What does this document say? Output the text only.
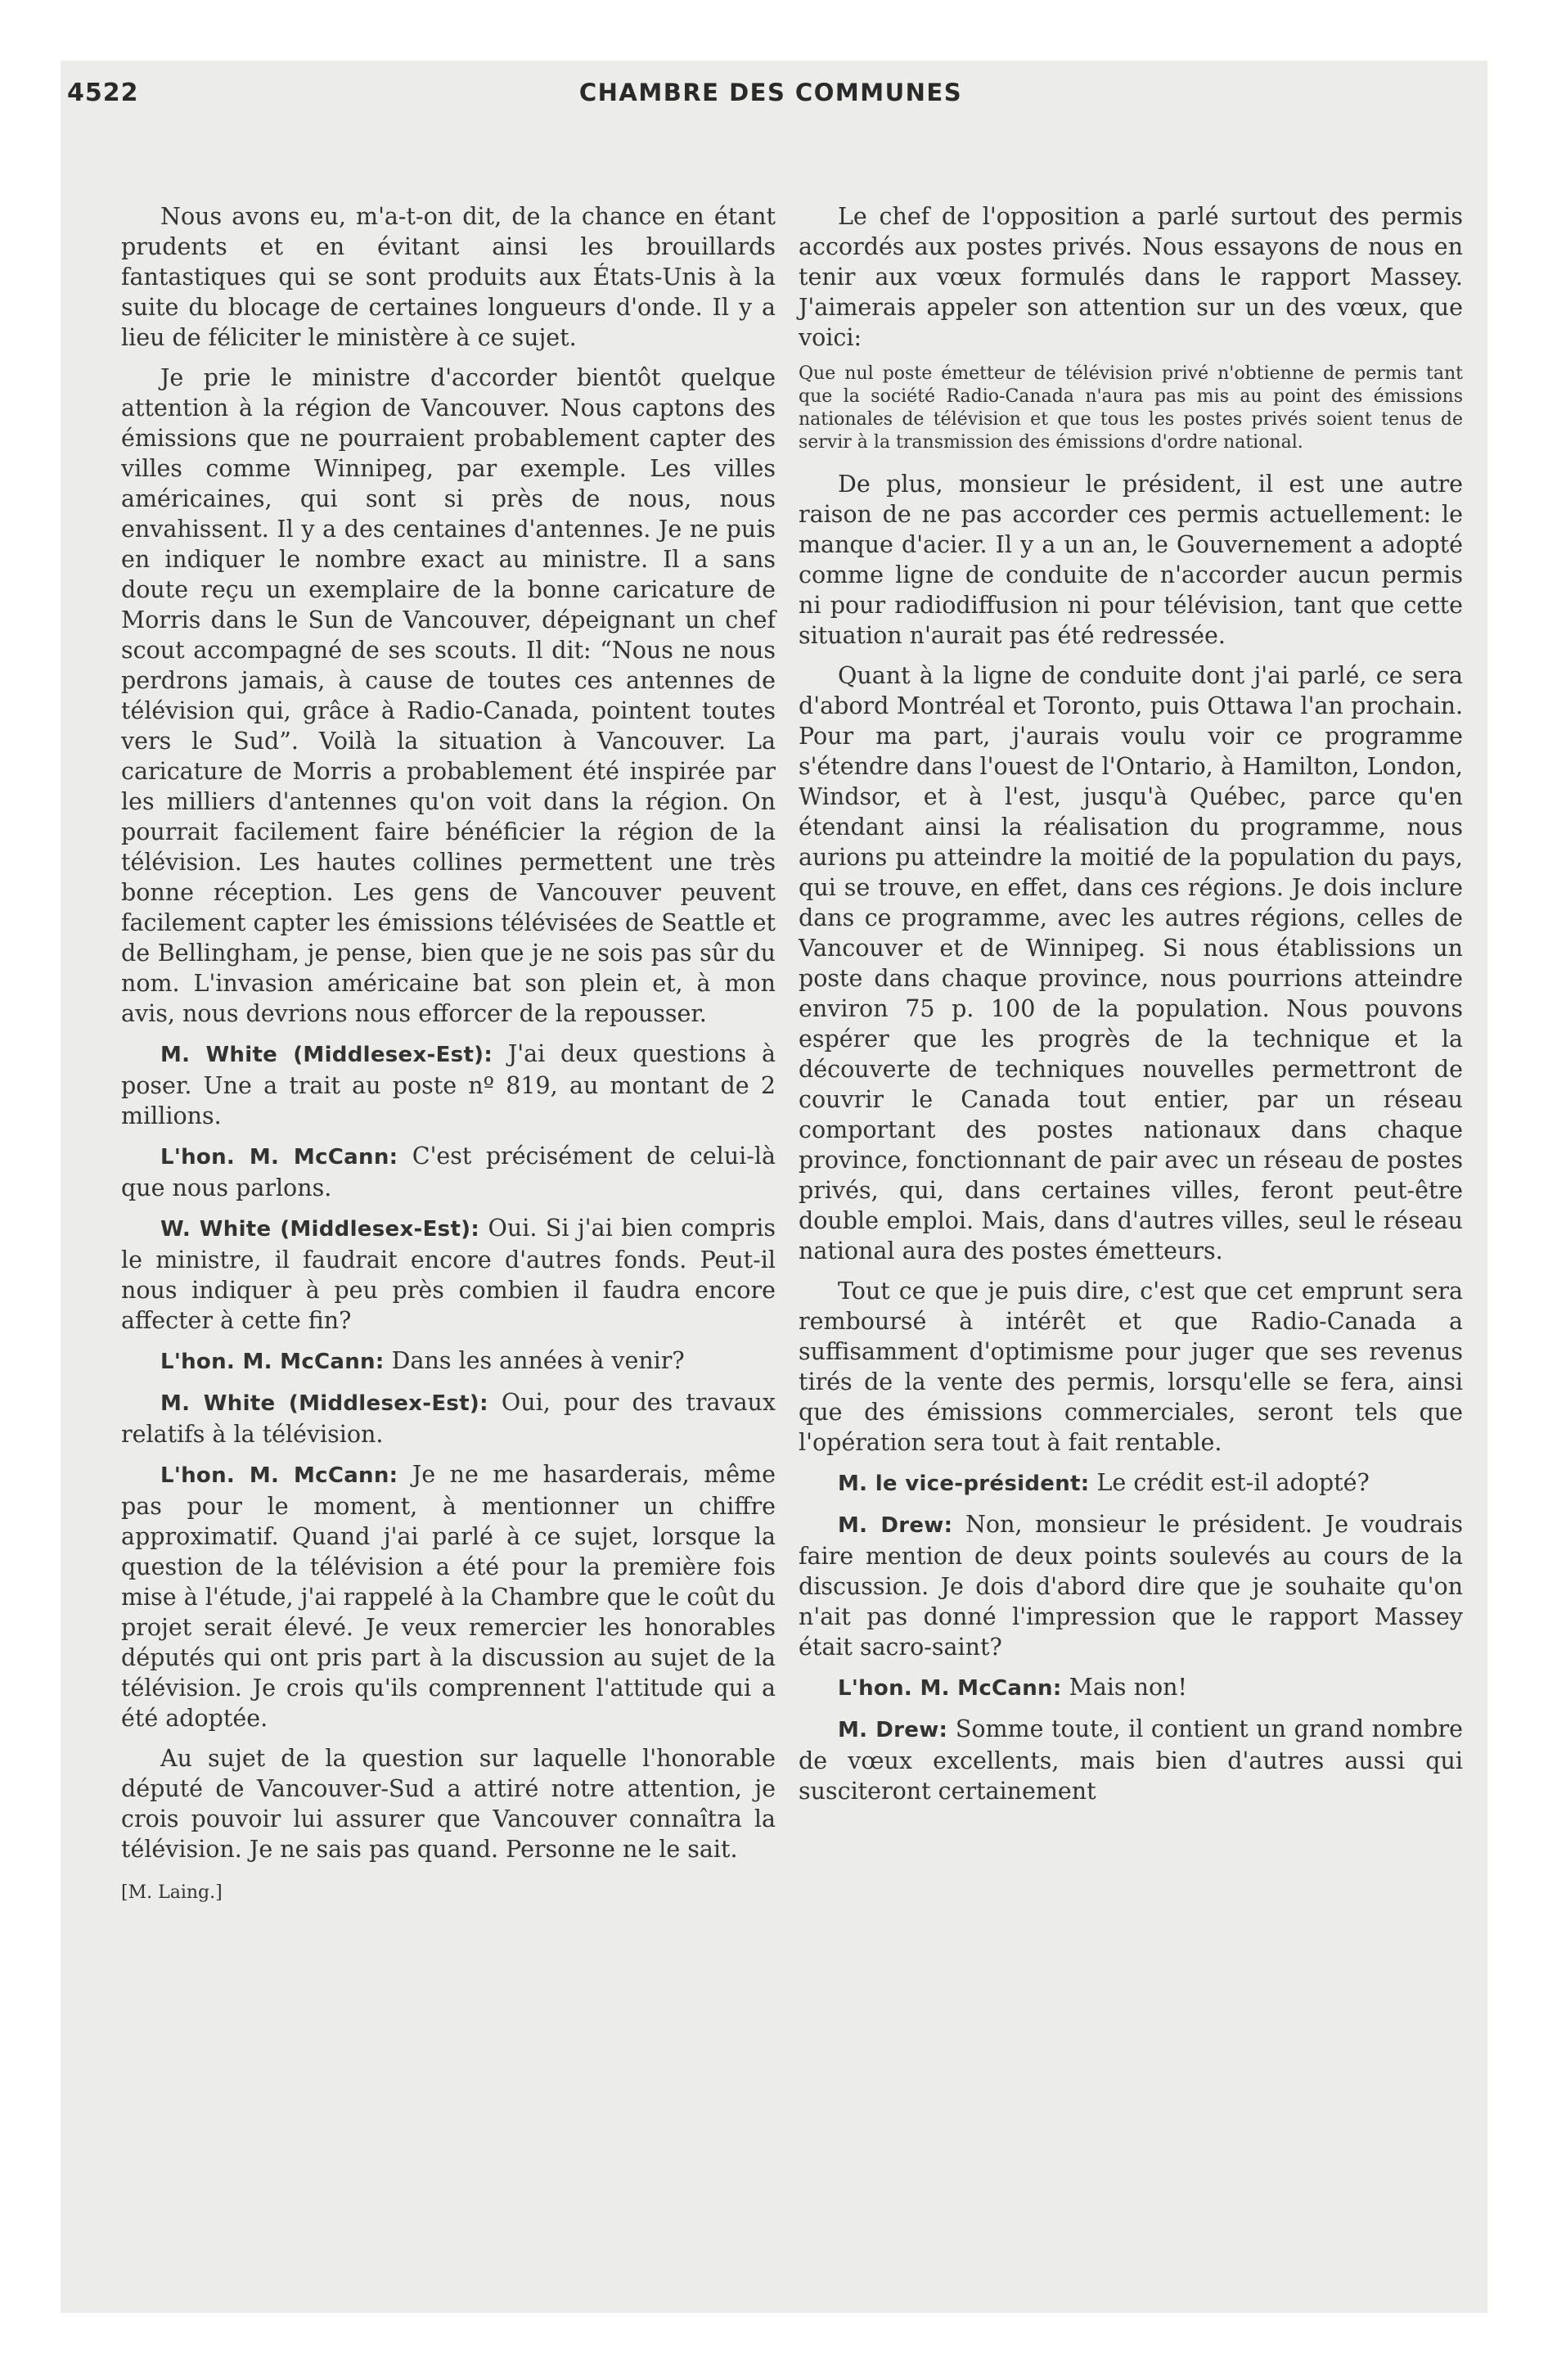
4522	CHAMBRE DES COMMUNES

Nous avons eu, m'a-t-on dit, de la chance en étant prudents et en évitant ainsi les brouillards fantastiques qui se sont produits aux États-Unis à la suite du blocage de certaines longueurs d'onde. Il y a lieu de féliciter le ministère à ce sujet.

Je prie le ministre d'accorder bientôt quelque attention à la région de Vancouver. Nous captons des émissions que ne pourraient probablement capter des villes comme Winnipeg, par exemple. Les villes américaines, qui sont si près de nous, nous envahissent. Il y a des centaines d'antennes. Je ne puis en indiquer le nombre exact au ministre. Il a sans doute reçu un exemplaire de la bonne caricature de Morris dans le Sun de Vancouver, dépeignant un chef scout accompagné de ses scouts. Il dit: “Nous ne nous perdrons jamais, à cause de toutes ces antennes de télévision qui, grâce à Radio-Canada, pointent toutes vers le Sud”. Voilà la situation à Vancouver. La caricature de Morris a probablement été inspirée par les milliers d'antennes qu'on voit dans la région. On pourrait facilement faire bénéficier la région de la télévision. Les hautes collines permettent une très bonne réception. Les gens de Vancouver peuvent facilement capter les émissions télévisées de Seattle et de Bellingham, je pense, bien que je ne sois pas sûr du nom. L'invasion américaine bat son plein et, à mon avis, nous devrions nous efforcer de la repousser.

M. White (Middlesex-Est): J'ai deux questions à poser. Une a trait au poste nº 819, au montant de 2 millions.

L'hon. M. McCann: C'est précisément de celui-là que nous parlons.

W. White (Middlesex-Est): Oui. Si j'ai bien compris le ministre, il faudrait encore d'autres fonds. Peut-il nous indiquer à peu près combien il faudra encore affecter à cette fin?

L'hon. M. McCann: Dans les années à venir?

M. White (Middlesex-Est): Oui, pour des travaux relatifs à la télévision.

L'hon. M. McCann: Je ne me hasarderais, même pas pour le moment, à mentionner un chiffre approximatif. Quand j'ai parlé à ce sujet, lorsque la question de la télévision a été pour la première fois mise à l'étude, j'ai rappelé à la Chambre que le coût du projet serait élevé. Je veux remercier les honorables députés qui ont pris part à la discussion au sujet de la télévision. Je crois qu'ils comprennent l'attitude qui a été adoptée.

Au sujet de la question sur laquelle l'honorable député de Vancouver-Sud a attiré notre attention, je crois pouvoir lui assurer que Vancouver connaîtra la télévision. Je ne sais pas quand. Personne ne le sait.

[M. Laing.]

Le chef de l'opposition a parlé surtout des permis accordés aux postes privés. Nous essayons de nous en tenir aux vœux formulés dans le rapport Massey. J'aimerais appeler son attention sur un des vœux, que voici:

Que nul poste émetteur de télévision privé n'obtienne de permis tant que la société Radio-Canada n'aura pas mis au point des émissions nationales de télévision et que tous les postes privés soient tenus de servir à la transmission des émissions d'ordre national.

De plus, monsieur le président, il est une autre raison de ne pas accorder ces permis actuellement: le manque d'acier. Il y a un an, le Gouvernement a adopté comme ligne de conduite de n'accorder aucun permis ni pour radiodiffusion ni pour télévision, tant que cette situation n'aurait pas été redressée.

Quant à la ligne de conduite dont j'ai parlé, ce sera d'abord Montréal et Toronto, puis Ottawa l'an prochain. Pour ma part, j'aurais voulu voir ce programme s'étendre dans l'ouest de l'Ontario, à Hamilton, London, Windsor, et à l'est, jusqu'à Québec, parce qu'en étendant ainsi la réalisation du programme, nous aurions pu atteindre la moitié de la population du pays, qui se trouve, en effet, dans ces régions. Je dois inclure dans ce programme, avec les autres régions, celles de Vancouver et de Winnipeg. Si nous établissions un poste dans chaque province, nous pourrions atteindre environ 75 p. 100 de la population. Nous pouvons espérer que les progrès de la technique et la découverte de techniques nouvelles permettront de couvrir le Canada tout entier, par un réseau comportant des postes nationaux dans chaque province, fonctionnant de pair avec un réseau de postes privés, qui, dans certaines villes, feront peut-être double emploi. Mais, dans d'autres villes, seul le réseau national aura des postes émetteurs.

Tout ce que je puis dire, c'est que cet emprunt sera remboursé à intérêt et que Radio-Canada a suffisamment d'optimisme pour juger que ses revenus tirés de la vente des permis, lorsqu'elle se fera, ainsi que des émissions commerciales, seront tels que l'opération sera tout à fait rentable.

M. le vice-président: Le crédit est-il adopté?

M. Drew: Non, monsieur le président. Je voudrais faire mention de deux points soulevés au cours de la discussion. Je dois d'abord dire que je souhaite qu'on n'ait pas donné l'impression que le rapport Massey était sacro-saint?

L'hon. M. McCann: Mais non!

M. Drew: Somme toute, il contient un grand nombre de vœux excellents, mais bien d'autres aussi qui susciteront certainement
